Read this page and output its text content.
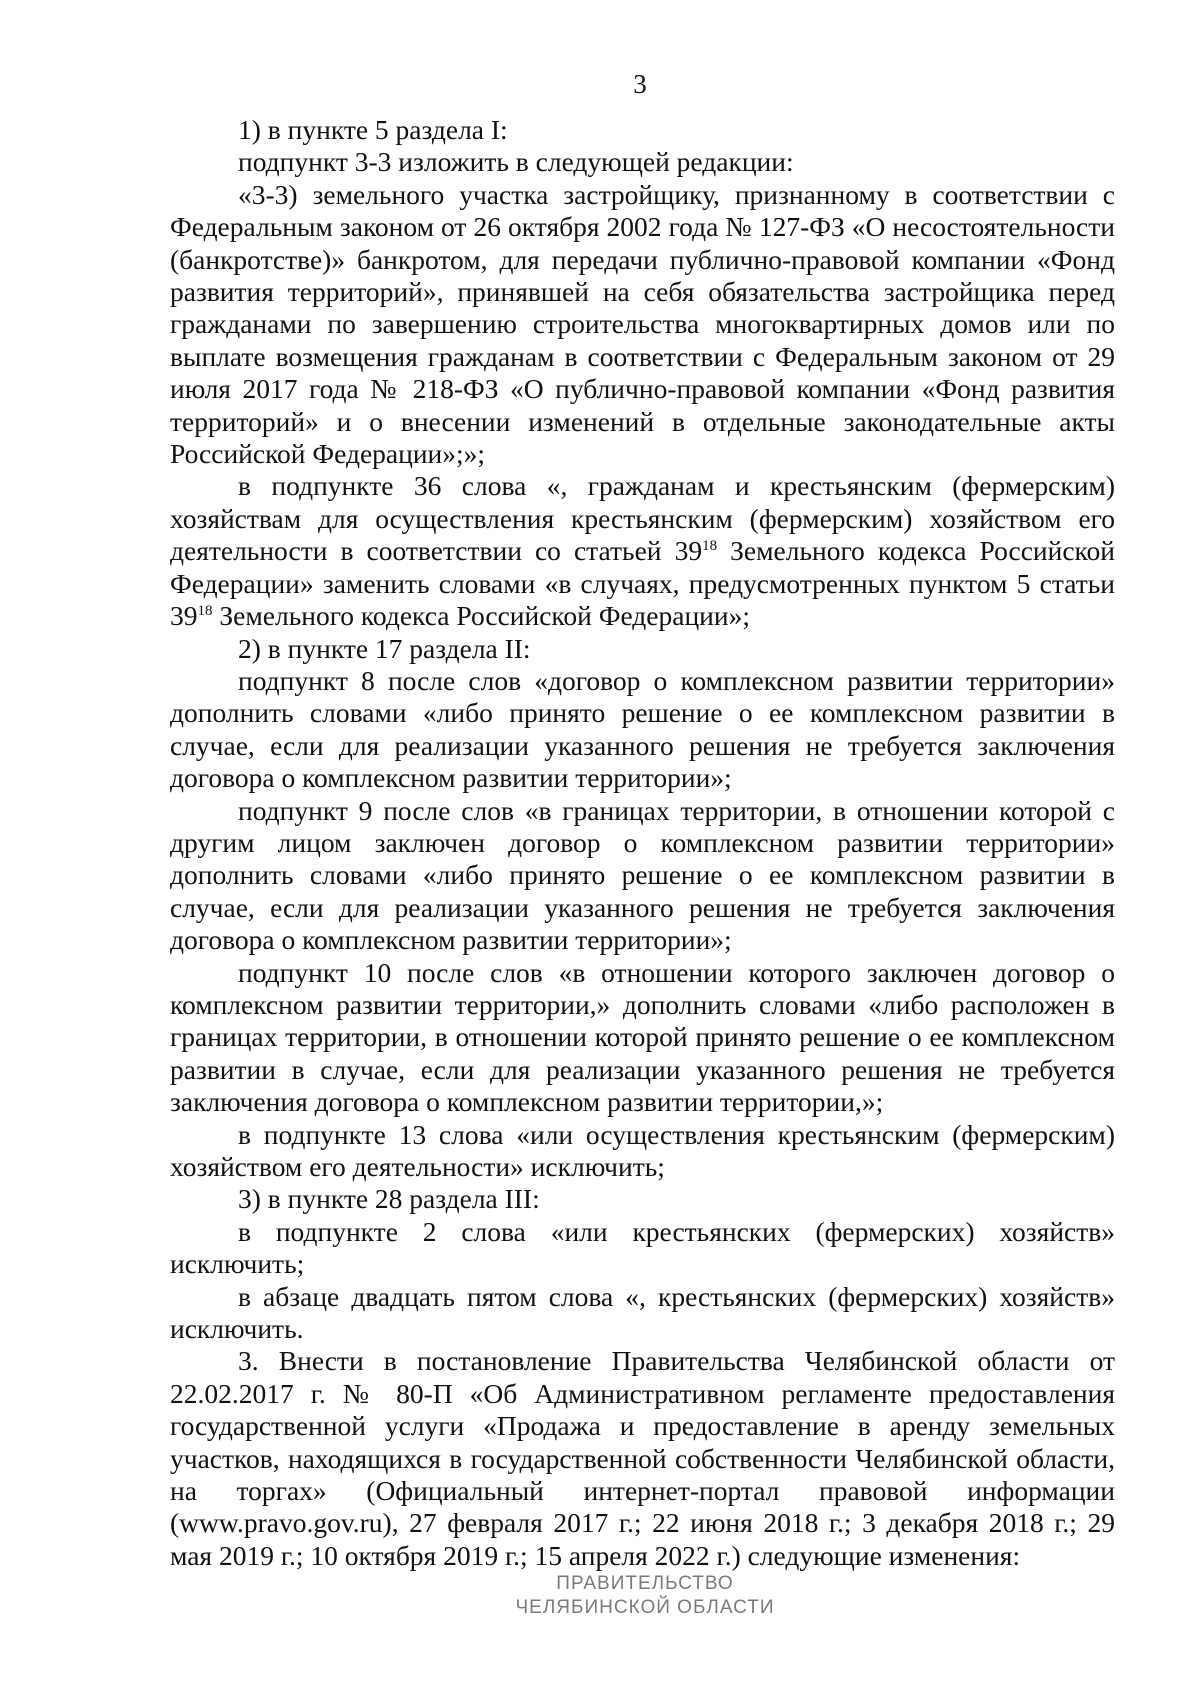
3

1) в пункте 5 раздела I:

подпункт 3-3 изложить в следующей редакции:

«3-3) земельного участка застройщику, признанному в соответствии с Федеральным законом от 26 октября 2002 года № 127-ФЗ «О несостоятельности (банкротстве)» банкротом, для передачи публично-правовой компании «Фонд развития территорий», принявшей на себя обязательства застройщика перед гражданами по завершению строительства многоквартирных домов или по выплате возмещения гражданам в соответствии с Федеральным законом от 29 июля 2017 года № 218-ФЗ «О публично-правовой компании «Фонд развития территорий» и о внесении изменений в отдельные законодательные акты Российской Федерации»;»;

в подпункте 36 слова «, гражданам и крестьянским (фермерским) хозяйствам для осуществления крестьянским (фермерским) хозяйством его деятельности в соответствии со статьей $39^{18}$ Земельного кодекса Российской Федерации» заменить словами «в случаях, предусмотренных пунктом 5 статьи $39^{18}$ Земельного кодекса Российской Федерации»;

2) в пункте 17 раздела II:

подпункт 8 после слов «договор о комплексном развитии территории» дополнить словами «либо принято решение о ее комплексном развитии в случае, если для реализации указанного решения не требуется заключения договора о комплексном развитии территории»;

подпункт 9 после слов «в границах территории, в отношении которой с другим лицом заключен договор о комплексном развитии территории» дополнить словами «либо принято решение о ее комплексном развитии в случае, если для реализации указанного решения не требуется заключения договора о комплексном развитии территории»;

подпункт 10 после слов «в отношении которого заключен договор о комплексном развитии территории,» дополнить словами «либо расположен в границах территории, в отношении которой принято решение о ее комплексном развитии в случае, если для реализации указанного решения не требуется заключения договора о комплексном развитии территории,»;

в подпункте 13 слова «или осуществления крестьянским (фермерским) хозяйством его деятельности» исключить;

3) в пункте 28 раздела III:

в подпункте 2 слова «или крестьянских (фермерских) хозяйств» исключить;

в абзаце двадцать пятом слова «, крестьянских (фермерских) хозяйств» исключить.

3. Внести в постановление Правительства Челябинской области от 22.02.2017 г. № 80-П «Об Административном регламенте предоставления государственной услуги «Продажа и предоставление в аренду земельных участков, находящихся в государственной собственности Челябинской области, на торгах» (Официальный интернет-портал правовой информации (www.pravo.gov.ru), 27 февраля 2017 г.; 22 июня 2018 г.; 3 декабря 2018 г.; 29 мая 2019 г.; 10 октября 2019 г.; 15 апреля 2022 г.) следующие изменения:

ПРАВИТЕЛЬСТВО
ЧЕЛЯБИНСКОЙ ОБЛАСТИ
